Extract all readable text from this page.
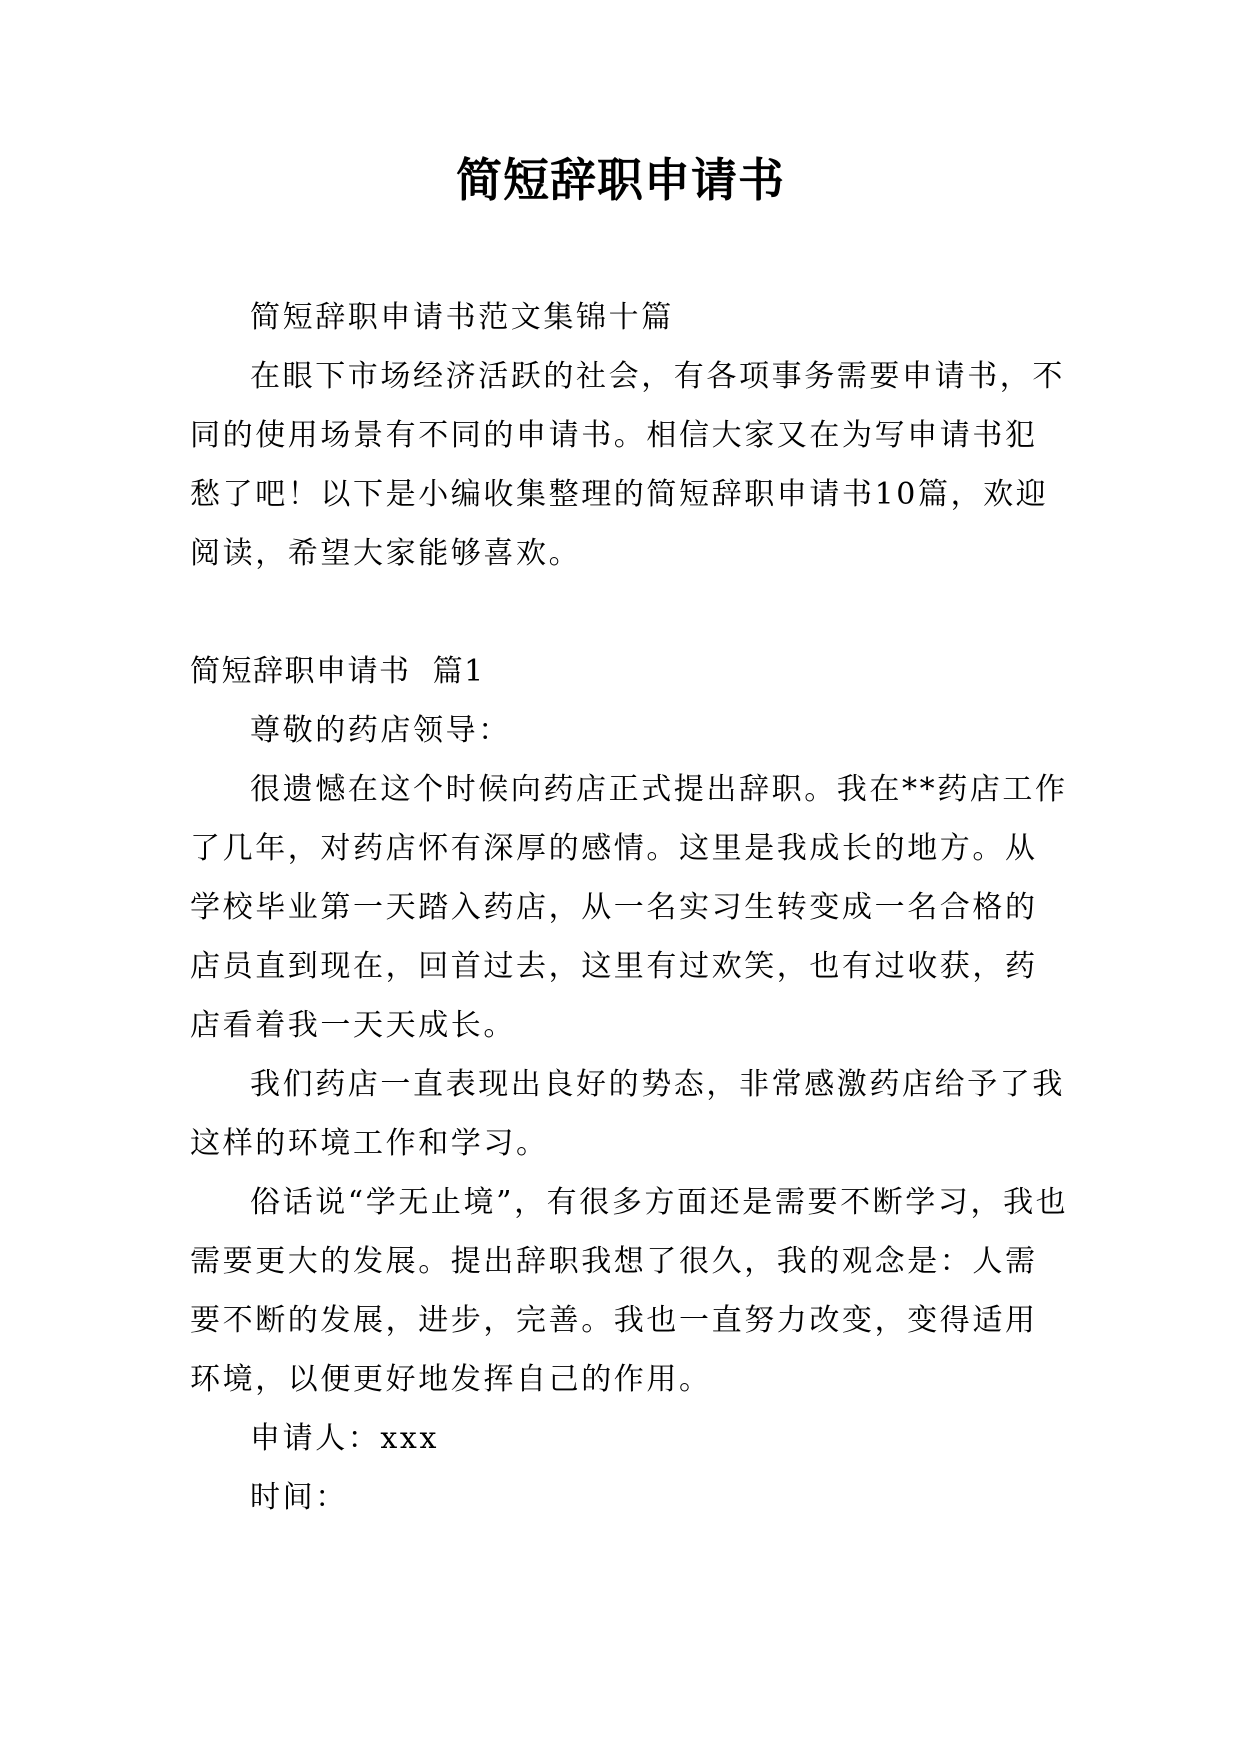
简短辞职申请书

简短辞职申请书范文集锦十篇

在眼下市场经济活跃的社会，有各项事务需要申请书，不同的使用场景有不同的申请书。相信大家又在为写申请书犯愁了吧！以下是小编收集整理的简短辞职申请书10篇，欢迎阅读，希望大家能够喜欢。

简短辞职申请书  篇1

尊敬的药店领导：

很遗憾在这个时候向药店正式提出辞职。我在**药店工作了几年，对药店怀有深厚的感情。这里是我成长的地方。从学校毕业第一天踏入药店，从一名实习生转变成一名合格的店员直到现在，回首过去，这里有过欢笑，也有过收获，药店看着我一天天成长。

我们药店一直表现出良好的势态，非常感激药店给予了我这样的环境工作和学习。

俗话说“学无止境”，有很多方面还是需要不断学习，我也需要更大的发展。提出辞职我想了很久，我的观念是：人需要不断的发展，进步，完善。我也一直努力改变，变得适用环境，以便更好地发挥自己的作用。

申请人：xxx

时间：
